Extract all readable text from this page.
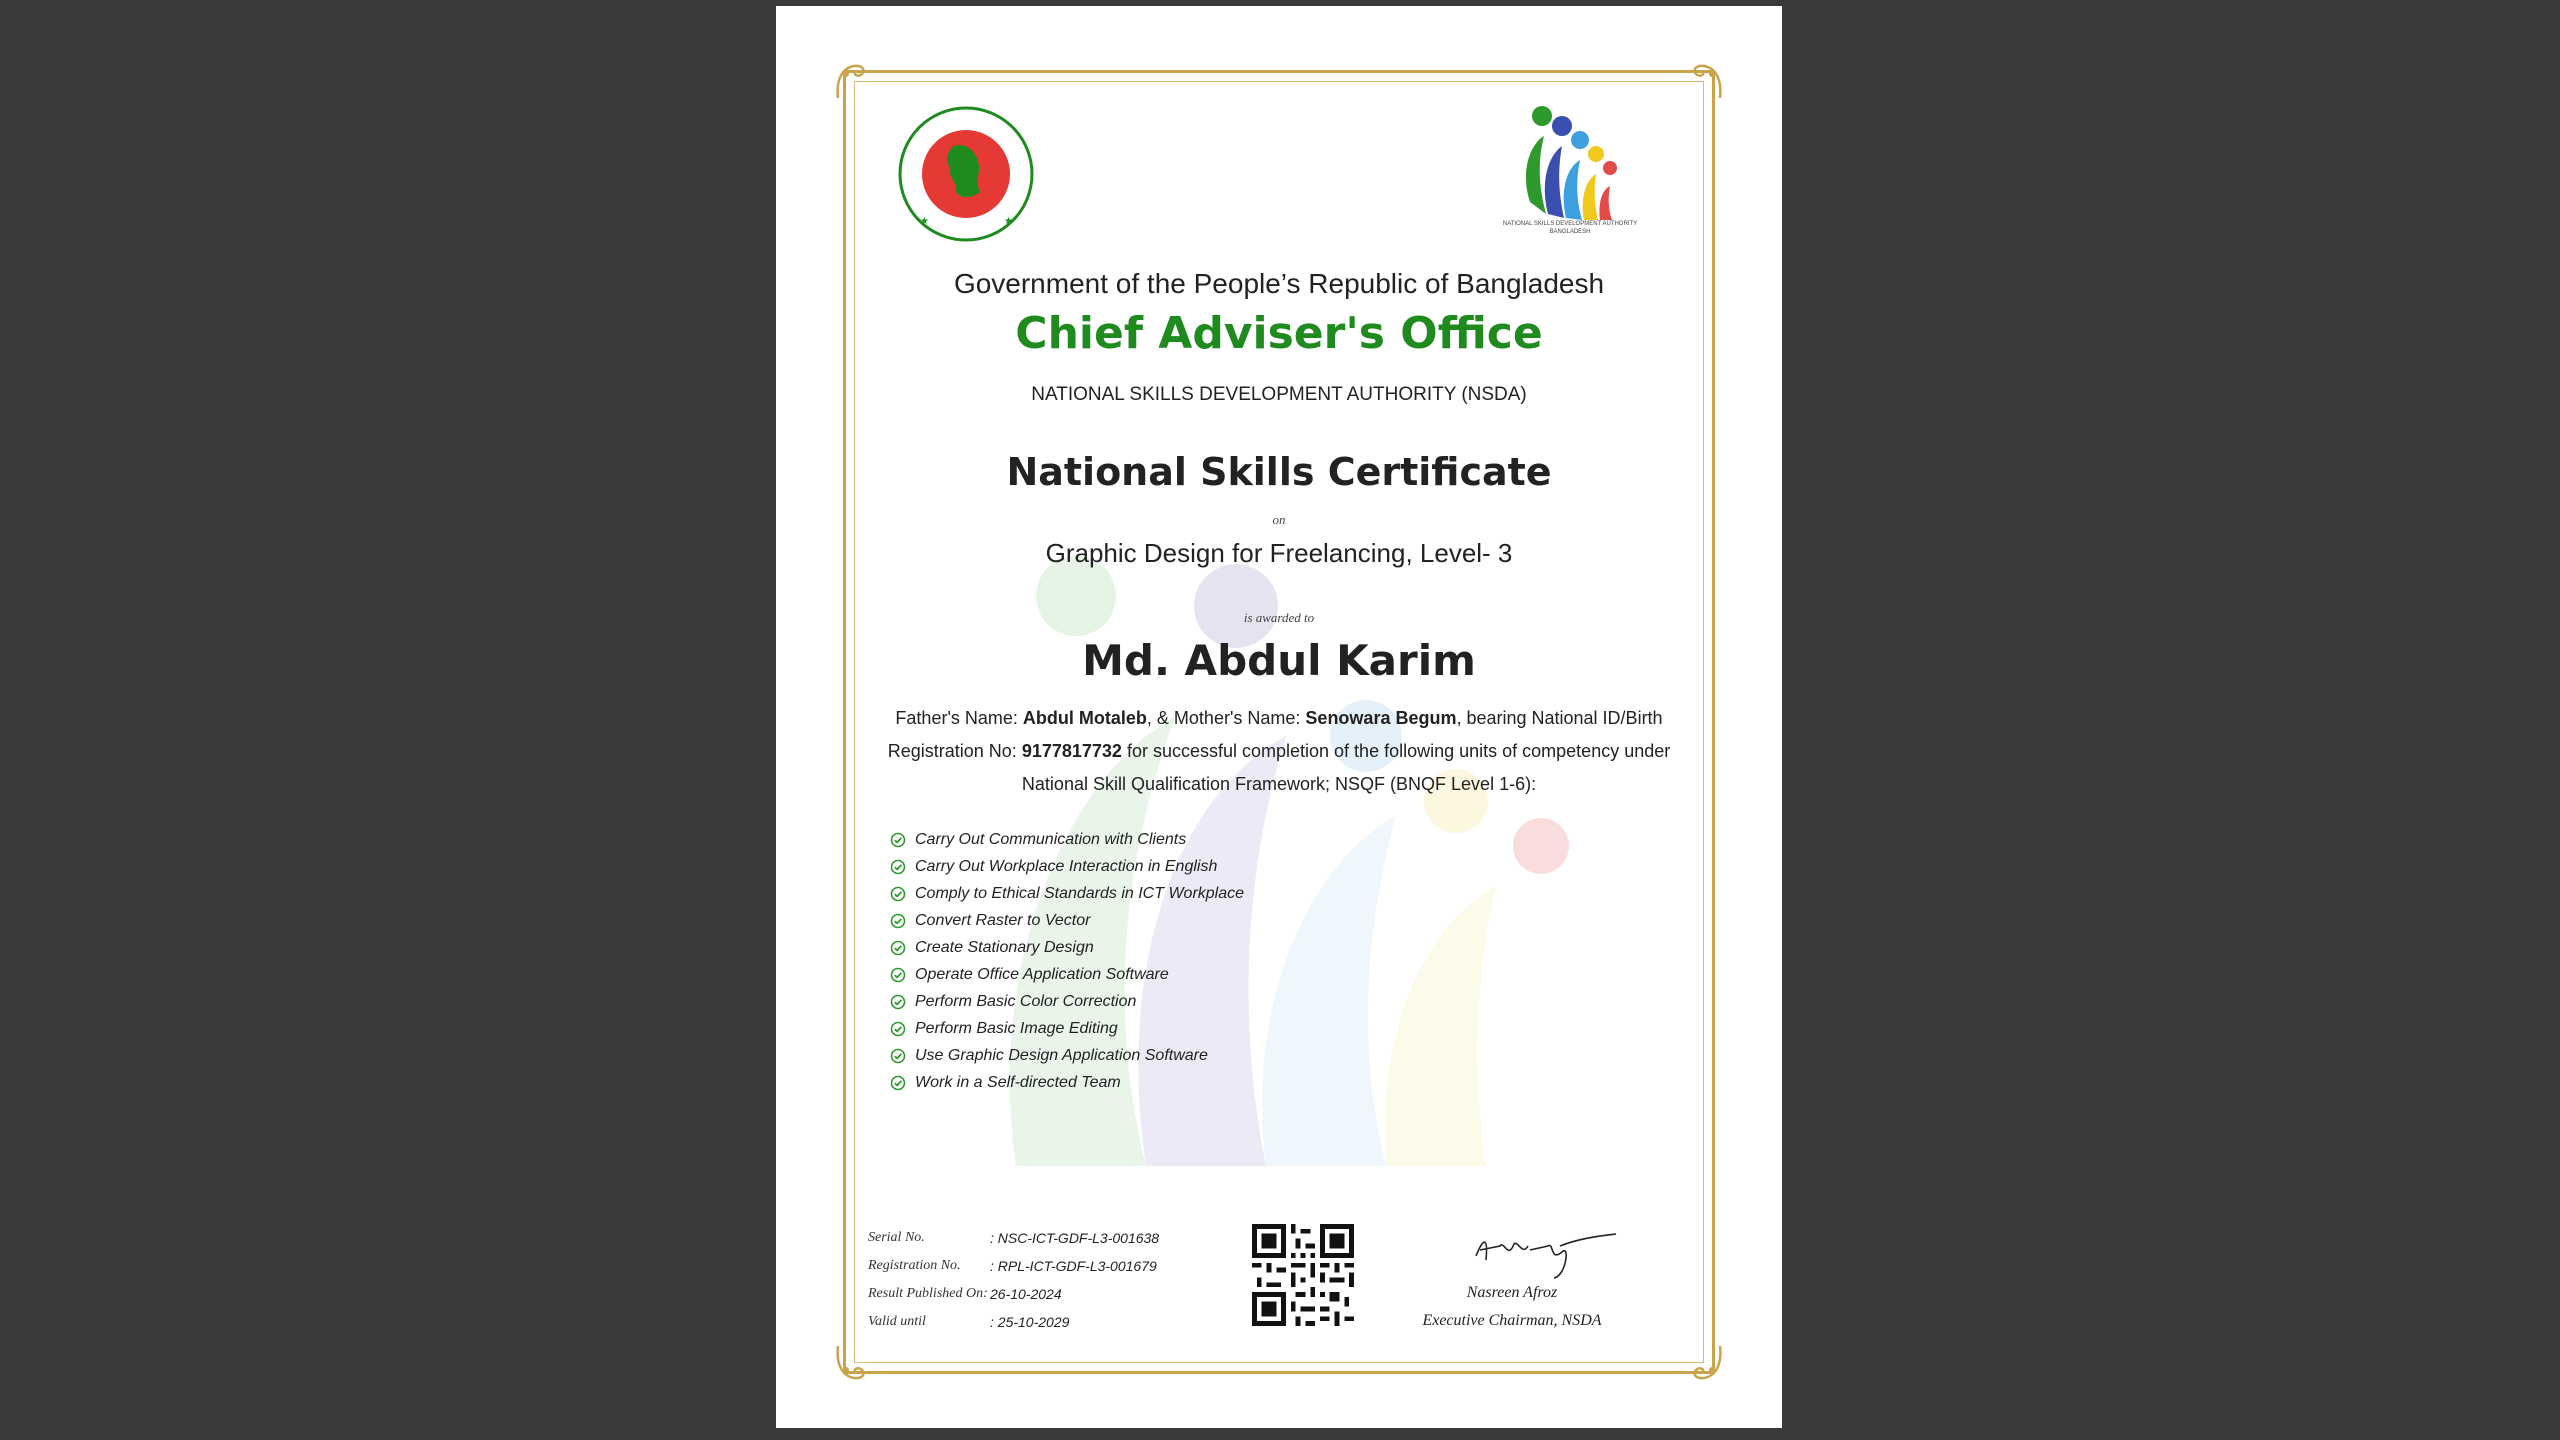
★	★	NATIONAL SKILLS DEVELOPMENT AUTHORITY BANGLADESH
Government of the People’s Republic of Bangladesh
Chief Adviser's Office
NATIONAL SKILLS DEVELOPMENT AUTHORITY (NSDA)
National Skills Certificate
on
Graphic Design for Freelancing, Level- 3
is awarded to
Md. Abdul Karim
Father's Name: Abdul Motaleb, & Mother's Name: Senowara Begum, bearing National ID/Birth Registration No: 9177817732 for successful completion of the following units of competency under National Skill Qualification Framework; NSQF (BNQF Level 1-6):
Carry Out Communication with Clients
Carry Out Workplace Interaction in English
Comply to Ethical Standards in ICT Workplace
Convert Raster to Vector
Create Stationary Design
Operate Office Application Software
Perform Basic Color Correction
Perform Basic Image Editing
Use Graphic Design Application Software
Work in a Self-directed Team
Serial No.	: NSC-ICT-GDF-L3-001638
Registration No.	: RPL-ICT-GDF-L3-001679
Result Published On: 26-10-2024
Valid until	: 25-10-2029
Nasreen Afroz
Executive Chairman, NSDA
